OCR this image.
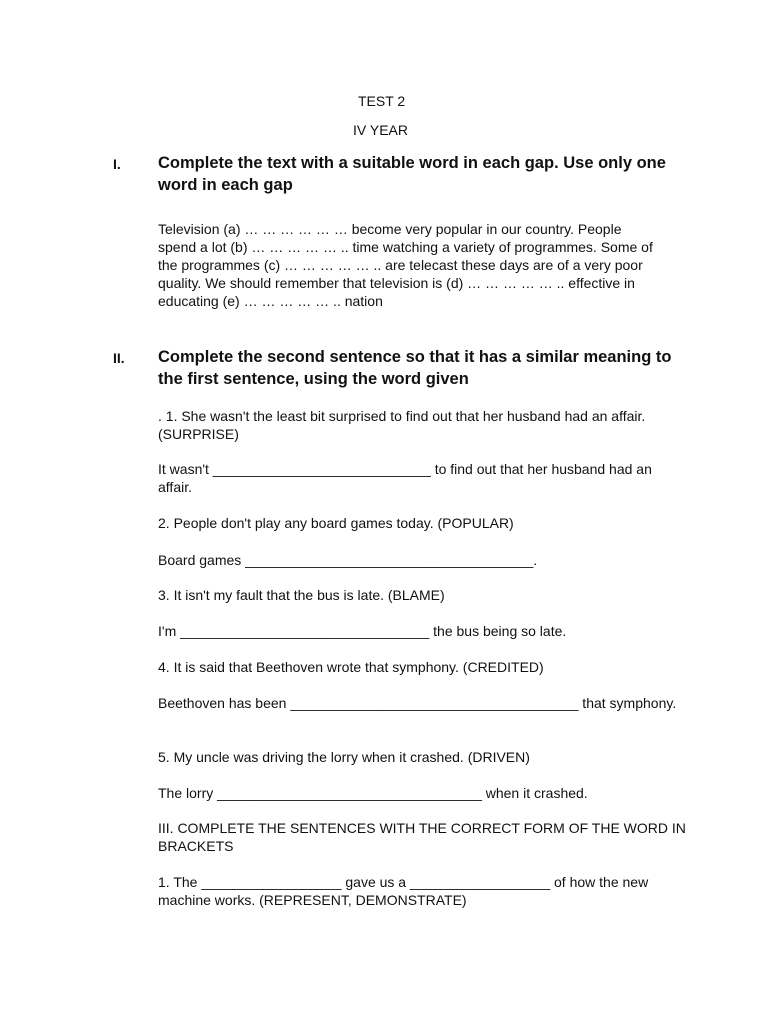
TEST 2
IV YEAR
I. Complete the text with a suitable word in each gap. Use only one word in each gap
Television (a) … … … … … … become very popular in our country. People
spend a lot (b) … … … … … .. time watching a variety of programmes. Some of
the programmes (c) … … … … … .. are telecast these days are of a very poor
quality. We should remember that television is (d) … … … … … .. effective in
educating (e) … … … … … .. nation
II. Complete the second sentence so that it has a similar meaning to the first sentence, using the word given
. 1. She wasn't the least bit surprised to find out that her husband had an affair. (SURPRISE)
It wasn't ____________________________ to find out that her husband had an affair.
2. People don't play any board games today. (POPULAR)
Board games _____________________________________.
3. It isn't my fault that the bus is late. (BLAME)
I'm ________________________________ the bus being so late.
4. It is said that Beethoven wrote that symphony. (CREDITED)
Beethoven has been _____________________________________ that symphony.
5. My uncle was driving the lorry when it crashed. (DRIVEN)
The lorry __________________________________ when it crashed.
III. COMPLETE THE SENTENCES WITH THE CORRECT FORM OF THE WORD IN BRACKETS
1. The __________________ gave us a __________________ of how the new machine works. (REPRESENT, DEMONSTRATE)
